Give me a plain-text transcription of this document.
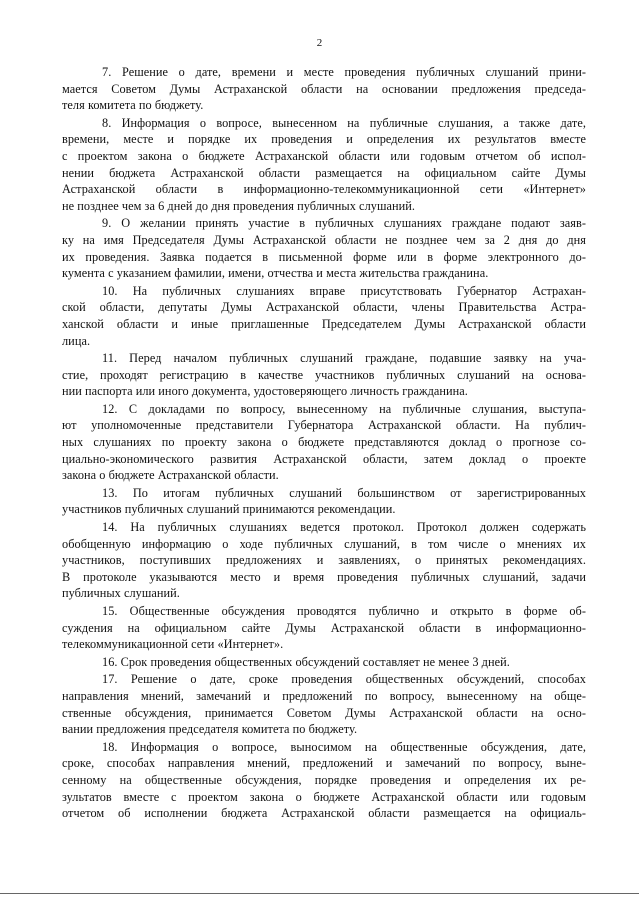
2

7. Решение о дате, времени и месте проведения публичных слушаний прини-
мается Советом Думы Астраханской области на основании предложения председа-
теля комитета по бюджету.

8. Информация о вопросе, вынесенном на публичные слушания, а также дате,
времени, месте и порядке их проведения и определения их результатов вместе
с проектом закона о бюджете Астраханской области или годовым отчетом об испол-
нении бюджета Астраханской области размещается на официальном сайте Думы
Астраханской области в информационно-телекоммуникационной сети «Интернет»
не позднее чем за 6 дней до дня проведения публичных слушаний.

9. О желании принять участие в публичных слушаниях граждане подают заяв-
ку на имя Председателя Думы Астраханской области не позднее чем за 2 дня до дня
их проведения. Заявка подается в письменной форме или в форме электронного до-
кумента с указанием фамилии, имени, отчества и места жительства гражданина.

10. На публичных слушаниях вправе присутствовать Губернатор Астрахан-
ской области, депутаты Думы Астраханской области, члены Правительства Астра-
ханской области и иные приглашенные Председателем Думы Астраханской области
лица.

11. Перед началом публичных слушаний граждане, подавшие заявку на уча-
стие, проходят регистрацию в качестве участников публичных слушаний на основа-
нии паспорта или иного документа, удостоверяющего личность гражданина.

12. С докладами по вопросу, вынесенному на публичные слушания, выступа-
ют уполномоченные представители Губернатора Астраханской области. На публич-
ных слушаниях по проекту закона о бюджете представляются доклад о прогнозе со-
циально-экономического развития Астраханской области, затем доклад о проекте
закона о бюджете Астраханской области.

13. По итогам публичных слушаний большинством от зарегистрированных
участников публичных слушаний принимаются рекомендации.

14. На публичных слушаниях ведется протокол. Протокол должен содержать
обобщенную информацию о ходе публичных слушаний, в том числе о мнениях их
участников, поступивших предложениях и заявлениях, о принятых рекомендациях.
В протоколе указываются место и время проведения публичных слушаний, задачи
публичных слушаний.

15. Общественные обсуждения проводятся публично и открыто в форме об-
суждения на официальном сайте Думы Астраханской области в информационно-
телекоммуникационной сети «Интернет».

16. Срок проведения общественных обсуждений составляет не менее 3 дней.

17. Решение о дате, сроке проведения общественных обсуждений, способах
направления мнений, замечаний и предложений по вопросу, вынесенному на обще-
ственные обсуждения, принимается Советом Думы Астраханской области на осно-
вании предложения председателя комитета по бюджету.

18. Информация о вопросе, выносимом на общественные обсуждения, дате,
сроке, способах направления мнений, предложений и замечаний по вопросу, выне-
сенному на общественные обсуждения, порядке проведения и определения их ре-
зультатов вместе с проектом закона о бюджете Астраханской области или годовым
отчетом об исполнении бюджета Астраханской области размещается на официаль-
